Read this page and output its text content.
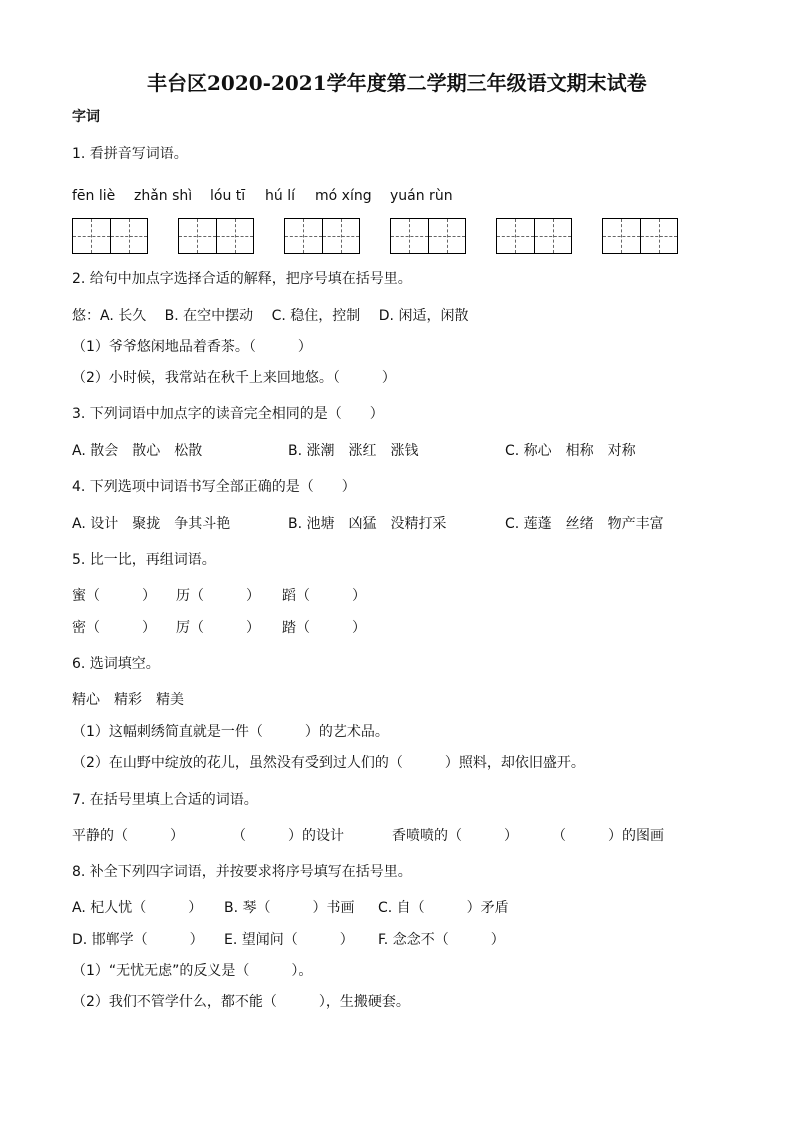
丰台区2020-2021学年度第二学期三年级语文期末试卷
字词
1. 看拼音写词语。
fēn liè zhǎn shì lóu tī hú lí mó xíng yuán rùn
2. 给句中加点字选择合适的解释，把序号填在括号里。
悠：A. 长久　 B. 在空中摆动　 C. 稳住，控制　 D. 闲适，闲散
（1）爷爷悠闲地品着香茶。（　　　）
（2）小时候，我常站在秋千上来回地悠。（　　　）
3. 下列词语中加点字的读音完全相同的是（　　）
A. 散会　散心　松散	B. 涨潮　涨红　涨钱	C. 称心　相称　对称
4. 下列选项中词语书写全部正确的是（　　）
A. 设计　聚拢　争其斗艳	B. 池塘　凶猛　没精打采	C. 莲蓬　丝绪　物产丰富
5. 比一比，再组词语。
蜜（　　　） 历（　　　） 蹈（　　　）
密（　　　） 厉（　　　） 踏（　　　）
6. 选词填空。
精心　精彩　精美
（1）这幅刺绣简直就是一件（　　　）的艺术品。
（2）在山野中绽放的花儿，虽然没有受到过人们的（　　　）照料，却依旧盛开。
7. 在括号里填上合适的词语。
平静的（　　　）	（　　　）的设计	香喷喷的（　　　） （　　　）的图画
8. 补全下列四字词语，并按要求将序号填写在括号里。
A. 杞人忧（　　　） B. 琴（　　　）书画 C. 自（　　　）矛盾
D. 邯郸学（　　　） E. 望闻问（　　　） F. 念念不（　　　）
（1）“无忧无虑”的反义是（　　　）。
（2）我们不管学什么，都不能（　　　），生搬硬套。
